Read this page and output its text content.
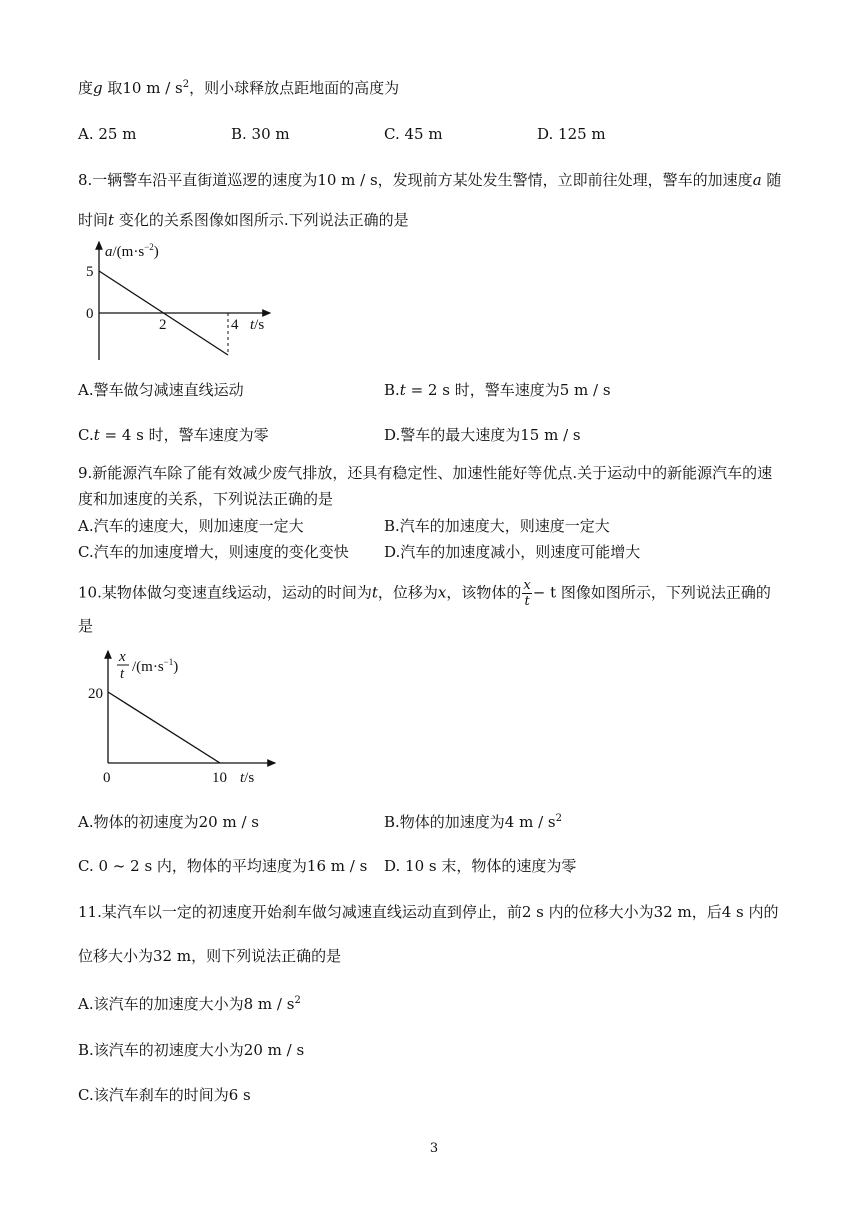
度g 取10 m / $s^2$，则小球释放点距地面的高度为
A. 25 m	B. 30 m	C. 45 m	D. 125 m
8.一辆警车沿平直街道巡逻的速度为10 m / s，发现前方某处发生警情，立即前往处理，警车的加速度a 随
时间t 变化的关系图像如图所示.下列说法正确的是
$a/(m\cdot s^{-2})$
5
0
2	4 t/s
A.警车做匀减速直线运动	B.t = 2 s 时，警车速度为5 m / s
C.t = 4 s 时，警车速度为零	D.警车的最大速度为15 m / s
9.新能源汽车除了能有效减少废气排放，还具有稳定性、加速性能好等优点.关于运动中的新能源汽车的速
度和加速度的关系，下列说法正确的是
A.汽车的速度大，则加速度一定大	B.汽车的加速度大，则速度一定大
C.汽车的加速度增大，则速度的变化变快 D.汽车的加速度减小，则速度可能增大
10.某物体做匀变速直线运动，运动的时间为t，位移为x，该物体的 $\frac{x}{t} - t$ 图像如图所示，下列说法正确的
是
x
t $/(m\cdot s^{-1})$
20
0	10 t/s
A.物体的初速度为20 m / s	B.物体的加速度为4 m / $s^2$
C. 0 ~ 2 s 内，物体的平均速度为16 m / s D. 10 s 末，物体的速度为零
11.某汽车以一定的初速度开始刹车做匀减速直线运动直到停止，前2 s 内的位移大小为32 m，后4 s 内的
位移大小为32 m，则下列说法正确的是
A.该汽车的加速度大小为8 m / $s^2$
B.该汽车的初速度大小为20 m / s
C.该汽车刹车的时间为6 s
3
